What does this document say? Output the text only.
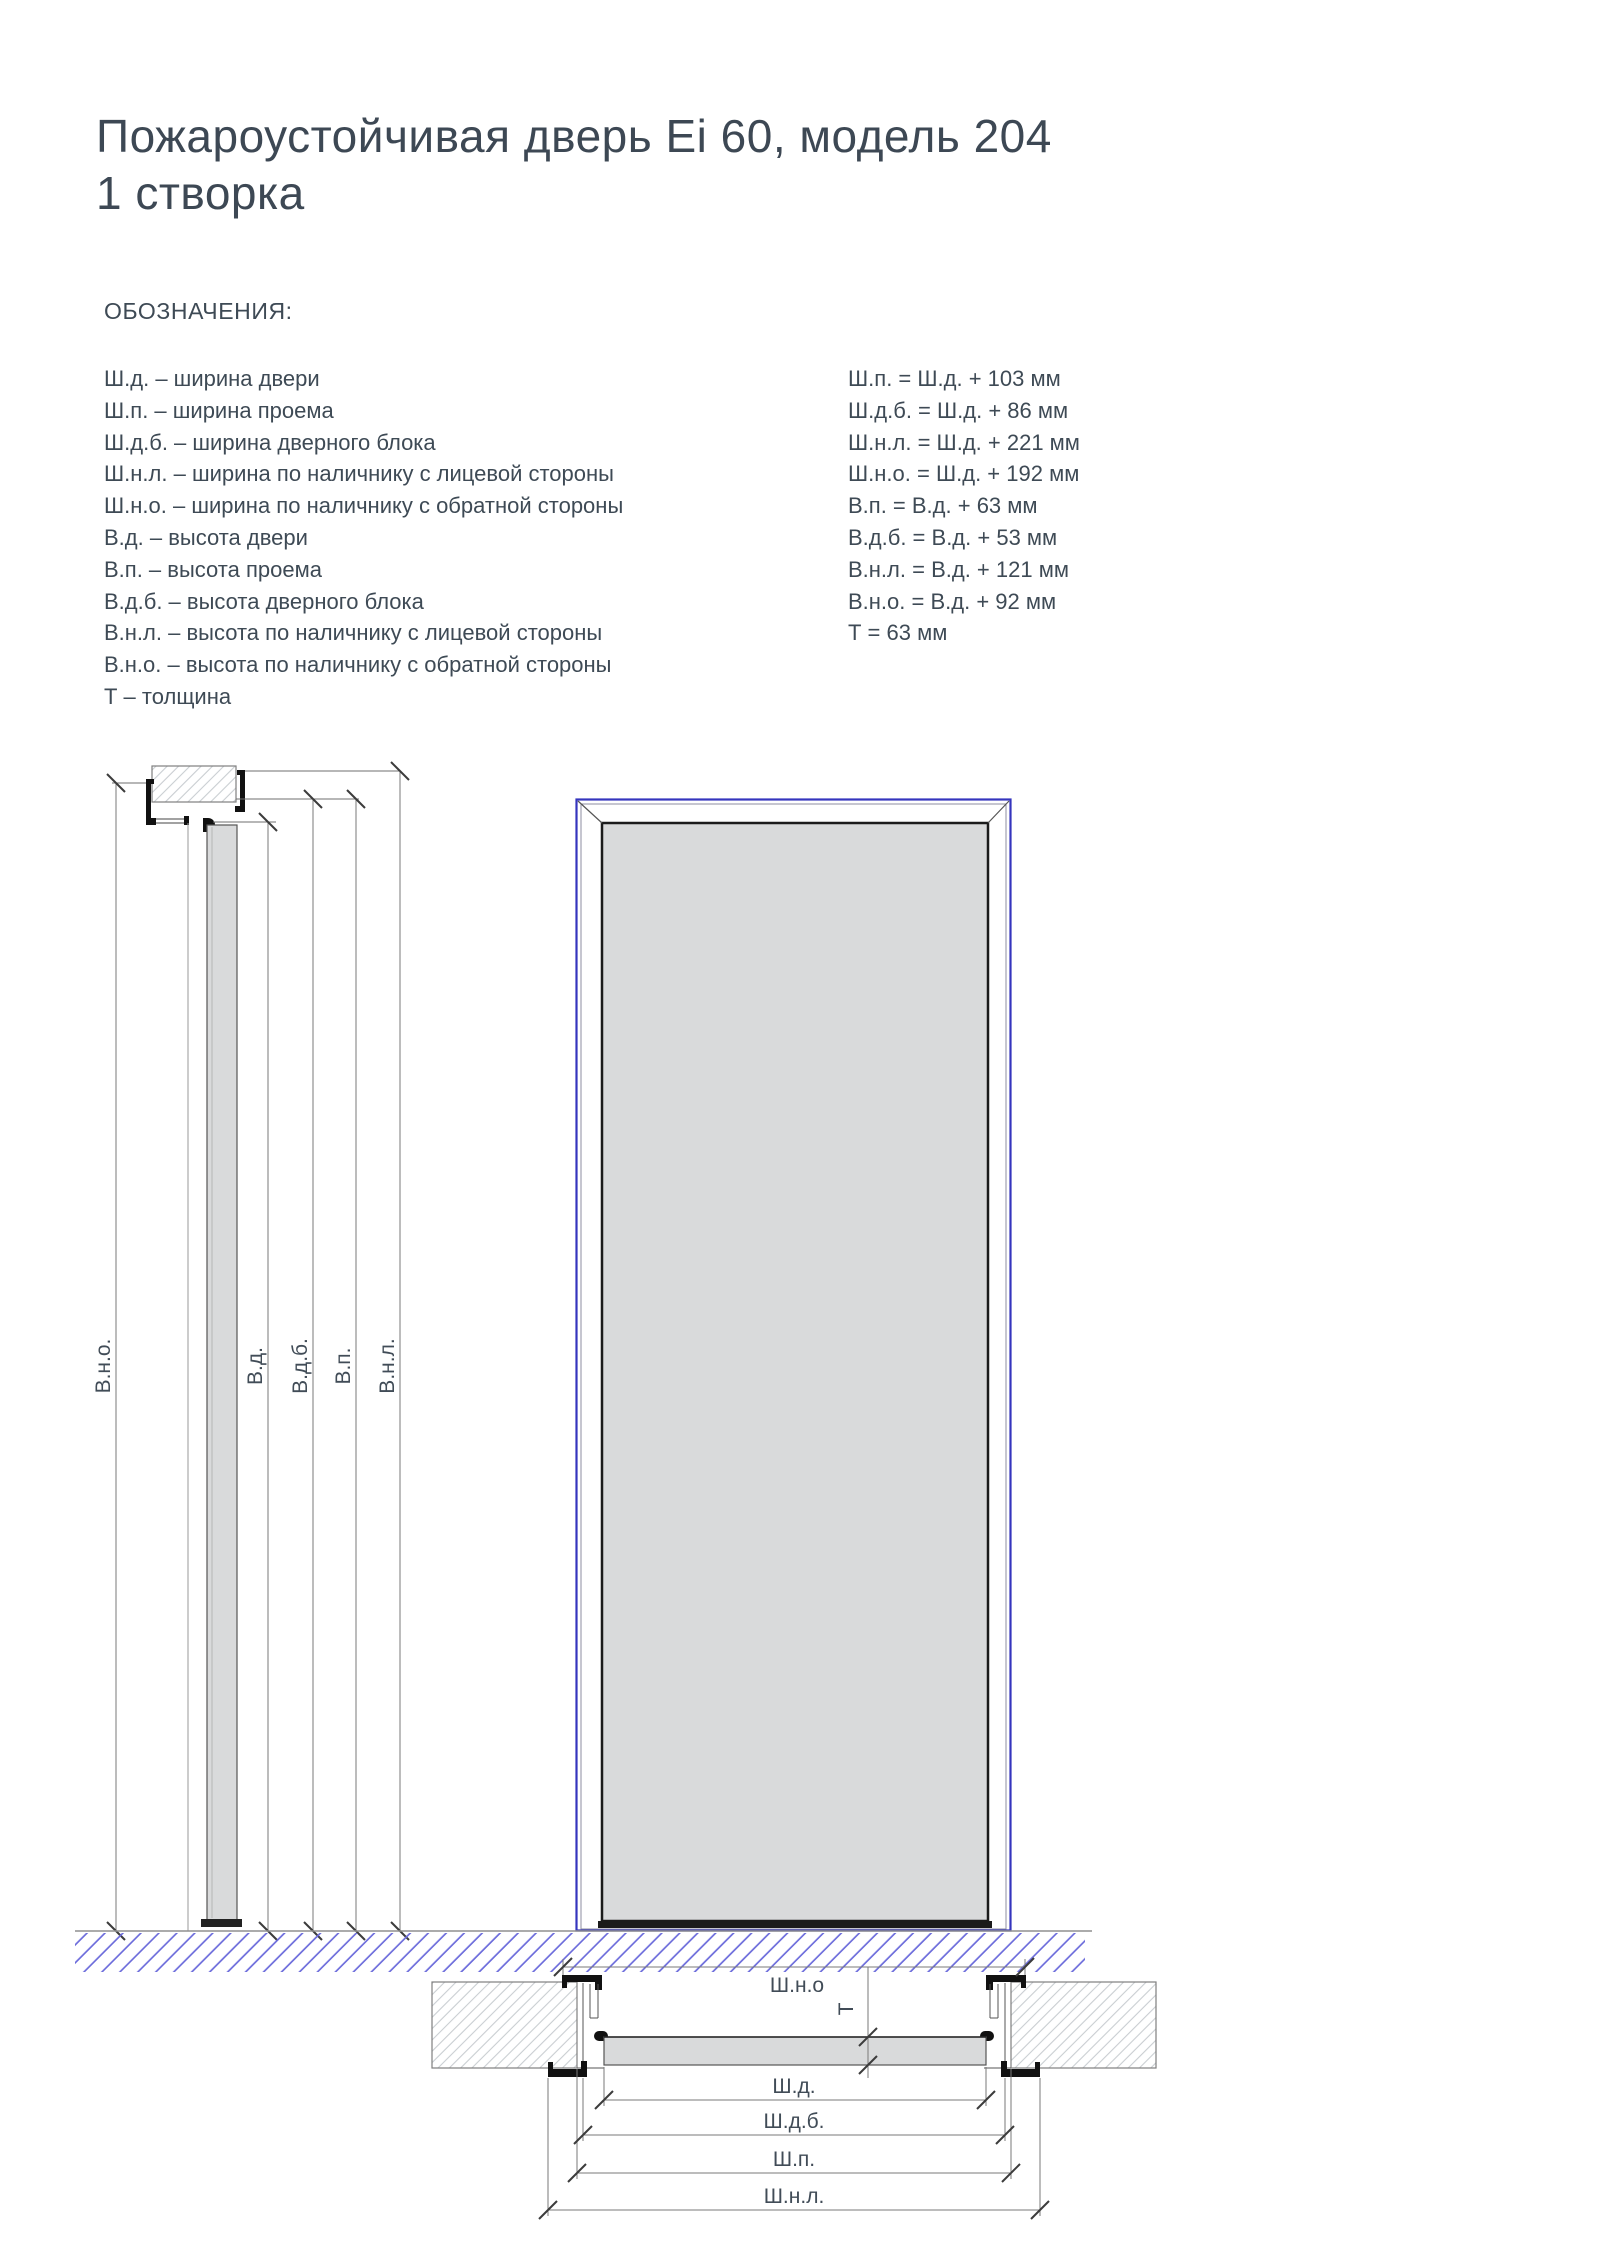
Пожароустойчивая дверь Ei 60, модель 204
1 створка
ОБОЗНАЧЕНИЯ:
Ш.д. – ширина двери
Ш.п. – ширина проема
Ш.д.б. – ширина дверного блока
Ш.н.л. – ширина по наличнику с лицевой стороны
Ш.н.о. – ширина по наличнику с обратной стороны
В.д. – высота двери
В.п. – высота проема
В.д.б. – высота дверного блока
В.н.л. – высота по наличнику с лицевой стороны
В.н.о. – высота по наличнику с обратной стороны
Т – толщина
Ш.п. = Ш.д. + 103 мм
Ш.д.б. = Ш.д. + 86 мм
Ш.н.л. = Ш.д. + 221 мм
Ш.н.о. = Ш.д. + 192 мм
В.п. = В.д. + 63 мм
В.д.б. = В.д. + 53 мм
В.н.л. = В.д. + 121 мм
В.н.о. = В.д. + 92 мм
Т = 63 мм
В.н.о.	В.д. В.д.б. В.п. В.н.л.
Ш.н.о
Т
Ш.д.
Ш.д.б.
Ш.п.
Ш.н.л.
